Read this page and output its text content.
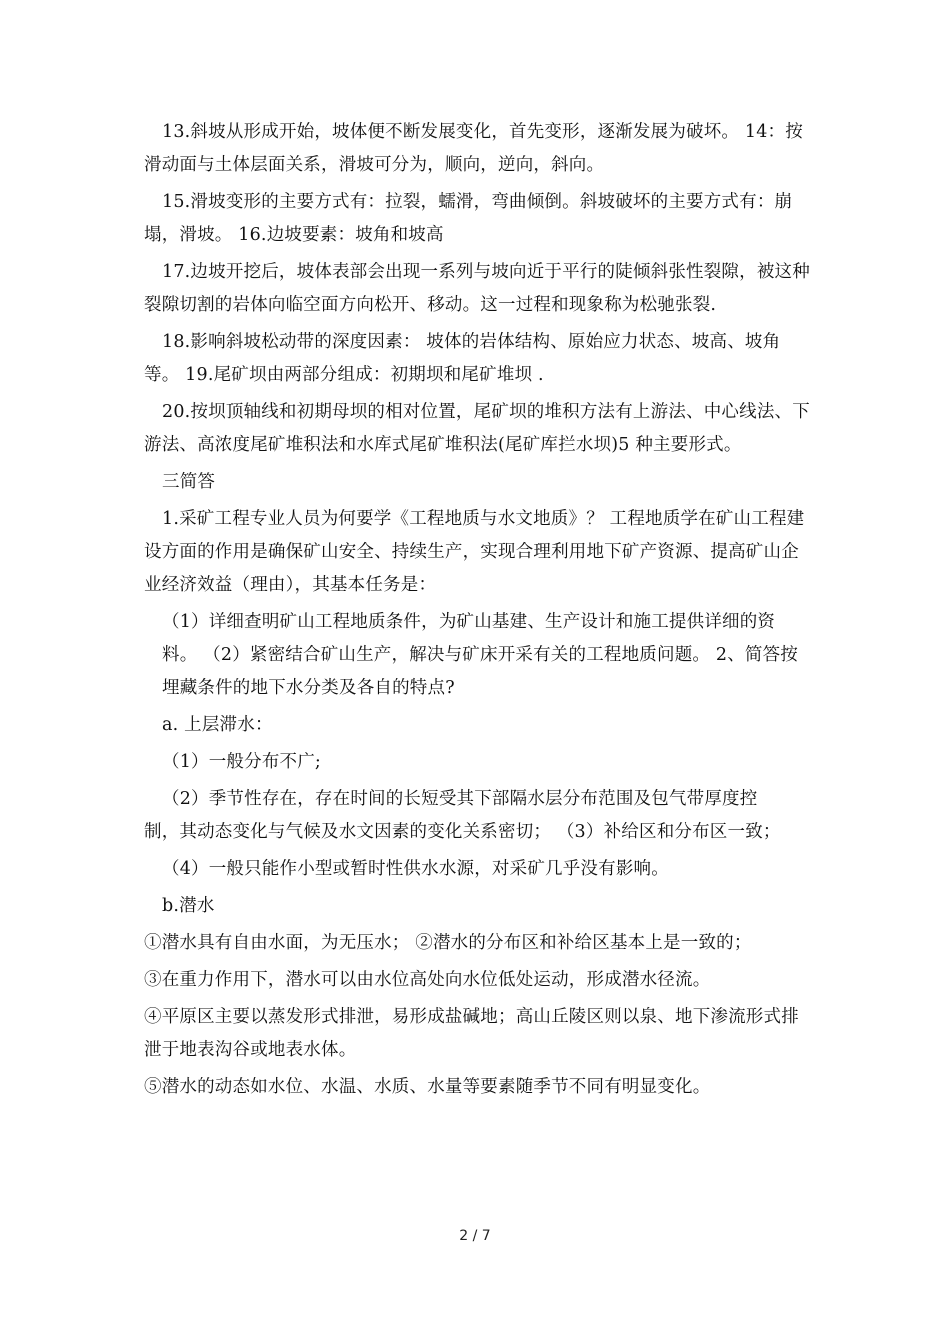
13.斜坡从形成开始，坡体便不断发展变化，首先变形，逐渐发展为破坏。 14：按滑动面与土体层面关系，滑坡可分为，顺向，逆向，斜向。

15.滑坡变形的主要方式有：拉裂，蠕滑，弯曲倾倒。斜坡破坏的主要方式有：崩塌，滑坡。 16.边坡要素：坡角和坡高

17.边坡开挖后，坡体表部会出现一系列与坡向近于平行的陡倾斜张性裂隙，被这种裂隙切割的岩体向临空面方向松开、移动。这一过程和现象称为松驰张裂.

18.影响斜坡松动带的深度因素： 坡体的岩体结构、原始应力状态、坡高、坡角等。 19.尾矿坝由两部分组成：初期坝和尾矿堆坝 .

20.按坝顶轴线和初期母坝的相对位置，尾矿坝的堆积方法有上游法、中心线法、下游法、高浓度尾矿堆积法和水库式尾矿堆积法(尾矿库拦水坝)5 种主要形式。

三简答

1.采矿工程专业人员为何要学《工程地质与水文地质》？ 工程地质学在矿山工程建设方面的作用是确保矿山安全、持续生产，实现合理利用地下矿产资源、提高矿山企业经济效益（理由），其基本任务是：

（1）详细查明矿山工程地质条件，为矿山基建、生产设计和施工提供详细的资料。 （2）紧密结合矿山生产，解决与矿床开采有关的工程地质问题。 2、简答按埋藏条件的地下水分类及各自的特点?

a. 上层滞水：

（1）一般分布不广;

（2）季节性存在，存在时间的长短受其下部隔水层分布范围及包气带厚度控

制，其动态变化与气候及水文因素的变化关系密切； （3）补给区和分布区一致；

（4）一般只能作小型或暂时性供水水源，对采矿几乎没有影响。

b.潜水

①潜水具有自由水面，为无压水； ②潜水的分布区和补给区基本上是一致的；

③在重力作用下，潜水可以由水位高处向水位低处运动，形成潜水径流。

④平原区主要以蒸发形式排泄，易形成盐碱地；高山丘陵区则以泉、地下渗流形式排泄于地表沟谷或地表水体。

⑤潜水的动态如水位、水温、水质、水量等要素随季节不同有明显变化。

2 / 7
